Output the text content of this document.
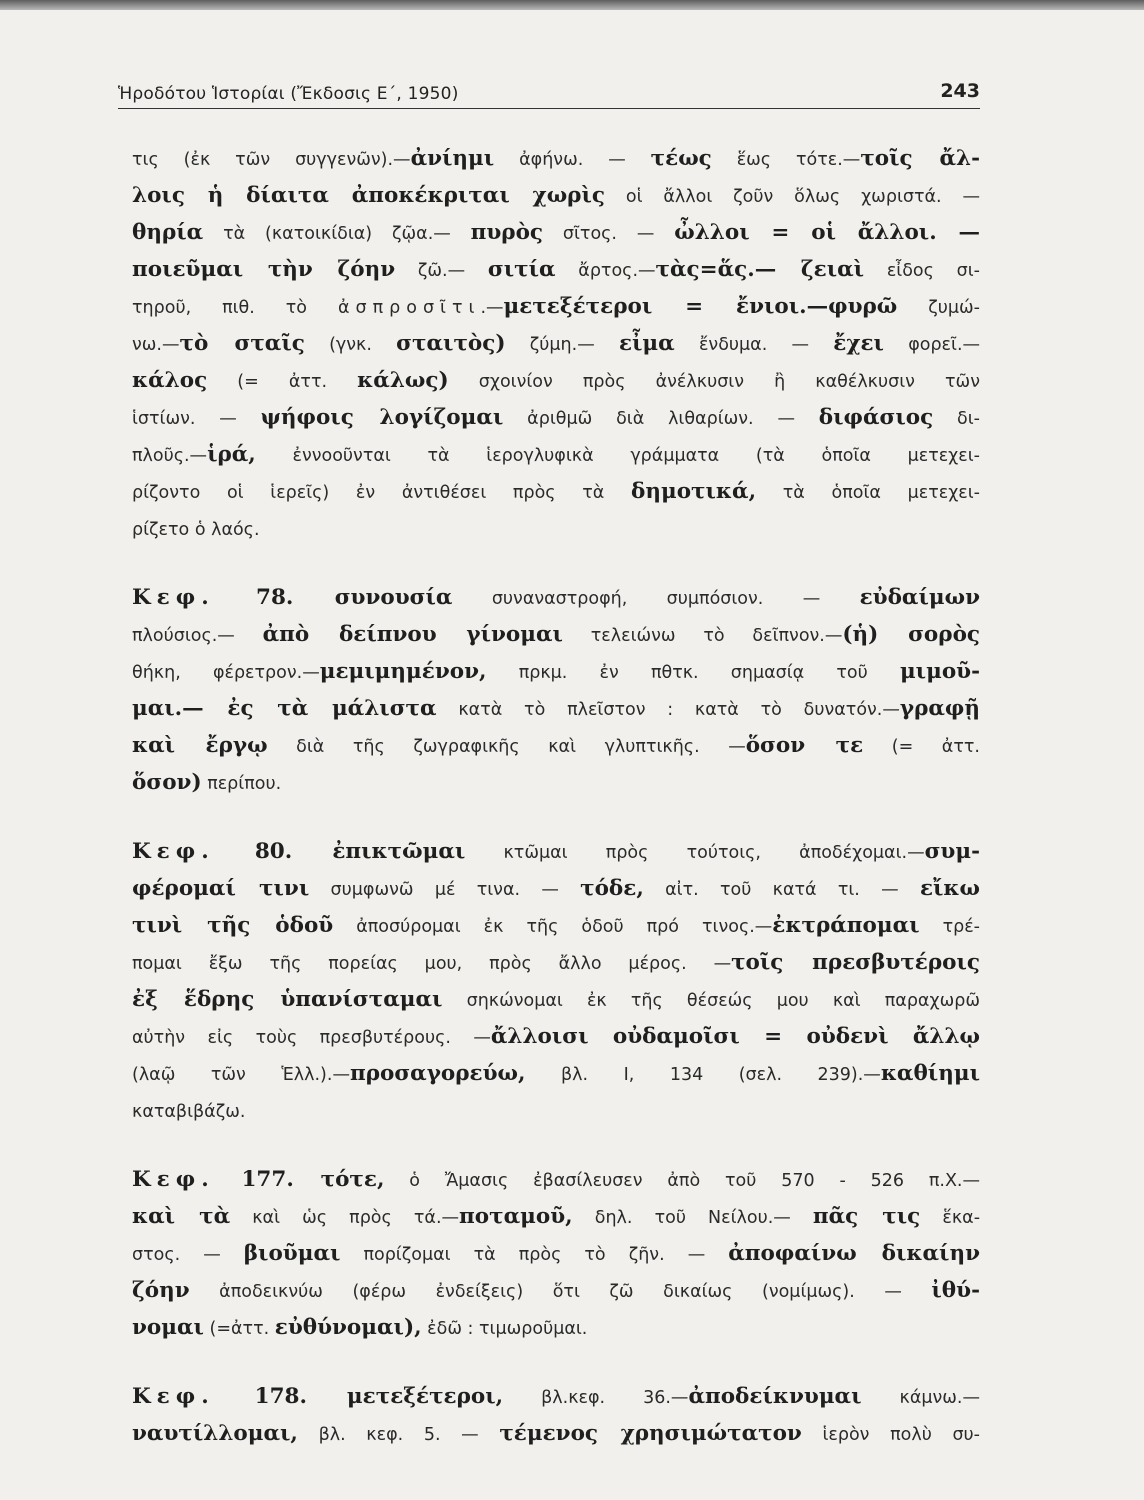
Ἡροδότου Ἱστορίαι (Ἔκδοσις Ε΄, 1950)	243
τις (ἐκ τῶν συγγενῶν).—ἀνίημι ἀφήνω. — τέως ἕως τότε.—τοῖς ἄλ-
λοις ἡ δίαιτα ἀποκέκριται χωρὶς οἱ ἄλλοι ζοῦν ὅλως χωριστά. —
θηρία τὰ (κατοικίδια) ζῷα.— πυρὸς σῖτος. — ὦλλοι = οἱ ἄλλοι. —
ποιεῦμαι τὴν ζόην ζῶ.— σιτία ἄρτος.—τὰς=ἅς.— ζειαὶ εἶδος σι-
τηροῦ, πιθ. τὸ ἀσπροσῖτι.—μετεξέτεροι = ἔνιοι.—φυρῶ ζυμώ-
νω.—τὸ σταῖς (γνκ. σταιτὸς) ζύμη.— εἶμα ἔνδυμα. — ἔχει φορεῖ.—
κάλος (= ἀττ. κάλως) σχοινίον πρὸς ἀνέλκυσιν ἢ καθέλκυσιν τῶν
ἱστίων. — ψήφοις λογίζομαι ἀριθμῶ διὰ λιθαρίων. — διφάσιος δι-
πλοῦς.—ἱρά, ἐννοοῦνται τὰ ἱερογλυφικὰ γράμματα (τὰ ὁποῖα μετεχει-
ρίζοντο οἱ ἱερεῖς) ἐν ἀντιθέσει πρὸς τὰ δημοτικά, τὰ ὁποῖα μετεχει-
ρίζετο ὁ λαός.
Κεφ. 78. συνουσία συναναστροφή, συμπόσιον. — εὐδαίμων
πλούσιος.— ἀπὸ δείπνου γίνομαι τελειώνω τὸ δεῖπνον.—(ἡ) σορὸς
θήκη, φέρετρον.—μεμιμημένον, πρκμ. ἐν πθτκ. σημασίᾳ τοῦ μιμοῦ-
μαι.— ἐς τὰ μάλιστα κατὰ τὸ πλεῖστον : κατὰ τὸ δυνατόν.—γραφῇ
καὶ ἔργῳ διὰ τῆς ζωγραφικῆς καὶ γλυπτικῆς. —ὅσον τε (= ἀττ.
ὅσον) περίπου.
Κεφ. 80. ἐπικτῶμαι κτῶμαι πρὸς τούτοις, ἀποδέχομαι.—συμ-
φέρομαί τινι συμφωνῶ μέ τινα. — τόδε, αἰτ. τοῦ κατά τι. — εἴκω
τινὶ τῆς ὁδοῦ ἀποσύρομαι ἐκ τῆς ὁδοῦ πρό τινος.—ἐκτράπομαι τρέ-
πομαι ἔξω τῆς πορείας μου, πρὸς ἄλλο μέρος. —τοῖς πρεσβυτέροις
ἐξ ἕδρης ὑπανίσταμαι σηκώνομαι ἐκ τῆς θέσεώς μου καὶ παραχωρῶ
αὐτὴν εἰς τοὺς πρεσβυτέρους. —ἄλλοισι οὐδαμοῖσι = οὐδενὶ ἄλλῳ
(λαῷ τῶν Ἑλλ.).—προσαγορεύω, βλ. Ι, 134 (σελ. 239).—καθίημι
καταβιβάζω.
Κεφ. 177. τότε, ὁ Ἄμασις ἐβασίλευσεν ἀπὸ τοῦ 570 - 526 π.Χ.—
καὶ τὰ καὶ ὡς πρὸς τά.—ποταμοῦ, δηλ. τοῦ Νείλου.— πᾶς τις ἕκα-
στος. — βιοῦμαι πορίζομαι τὰ πρὸς τὸ ζῆν. — ἀποφαίνω δικαίην
ζόην ἀποδεικνύω (φέρω ἐνδείξεις) ὅτι ζῶ δικαίως (νομίμως). — ἰθύ-
νομαι (=ἀττ. εὐθύνομαι), ἐδῶ : τιμωροῦμαι.
Κεφ. 178. μετεξέτεροι, βλ.κεφ. 36.—ἀποδείκνυμαι κάμνω.—
ναυτίλλομαι, βλ. κεφ. 5. — τέμενος χρησιμώτατον ἱερὸν πολὺ συ-
